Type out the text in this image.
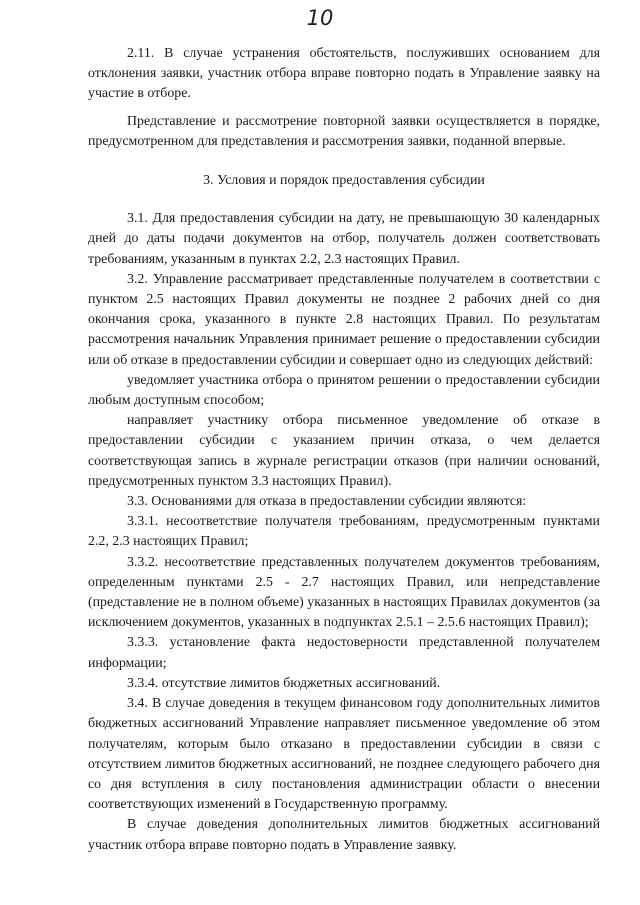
10

2.11. В случае устранения обстоятельств, послуживших основанием для отклонения заявки, участник отбора вправе повторно подать в Управление заявку на участие в отборе.

Представление и рассмотрение повторной заявки осуществляется в порядке, предусмотренном для представления и рассмотрения заявки, поданной впервые.

3. Условия и порядок предоставления субсидии

3.1. Для предоставления субсидии на дату, не превышающую 30 календарных дней до даты подачи документов на отбор, получатель должен соответствовать требованиям, указанным в пунктах 2.2, 2.3 настоящих Правил.

3.2. Управление рассматривает представленные получателем в соответствии с пунктом 2.5 настоящих Правил документы не позднее 2 рабочих дней со дня окончания срока, указанного в пункте 2.8 настоящих Правил. По результатам рассмотрения начальник Управления принимает решение о предоставлении субсидии или об отказе в предоставлении субсидии и совершает одно из следующих действий:

уведомляет участника отбора о принятом решении о предоставлении субсидии любым доступным способом;

направляет участнику отбора письменное уведомление об отказе в предоставлении субсидии с указанием причин отказа, о чем делается соответствующая запись в журнале регистрации отказов (при наличии оснований, предусмотренных пунктом 3.3 настоящих Правил).

3.3. Основаниями для отказа в предоставлении субсидии являются:

3.3.1. несоответствие получателя требованиям, предусмотренным пунктами 2.2, 2.3 настоящих Правил;

3.3.2. несоответствие представленных получателем документов требованиям, определенным пунктами 2.5 - 2.7 настоящих Правил, или непредставление (представление не в полном объеме) указанных в настоящих Правилах документов (за исключением документов, указанных в подпунктах 2.5.1 – 2.5.6 настоящих Правил);

3.3.3. установление факта недостоверности представленной получателем информации;

3.3.4. отсутствие лимитов бюджетных ассигнований.

3.4. В случае доведения в текущем финансовом году дополнительных лимитов бюджетных ассигнований Управление направляет письменное уведомление об этом получателям, которым было отказано в предоставлении субсидии в связи с отсутствием лимитов бюджетных ассигнований, не позднее следующего рабочего дня со дня вступления в силу постановления администрации области о внесении соответствующих изменений в Государственную программу.

В случае доведения дополнительных лимитов бюджетных ассигнований участник отбора вправе повторно подать в Управление заявку.
